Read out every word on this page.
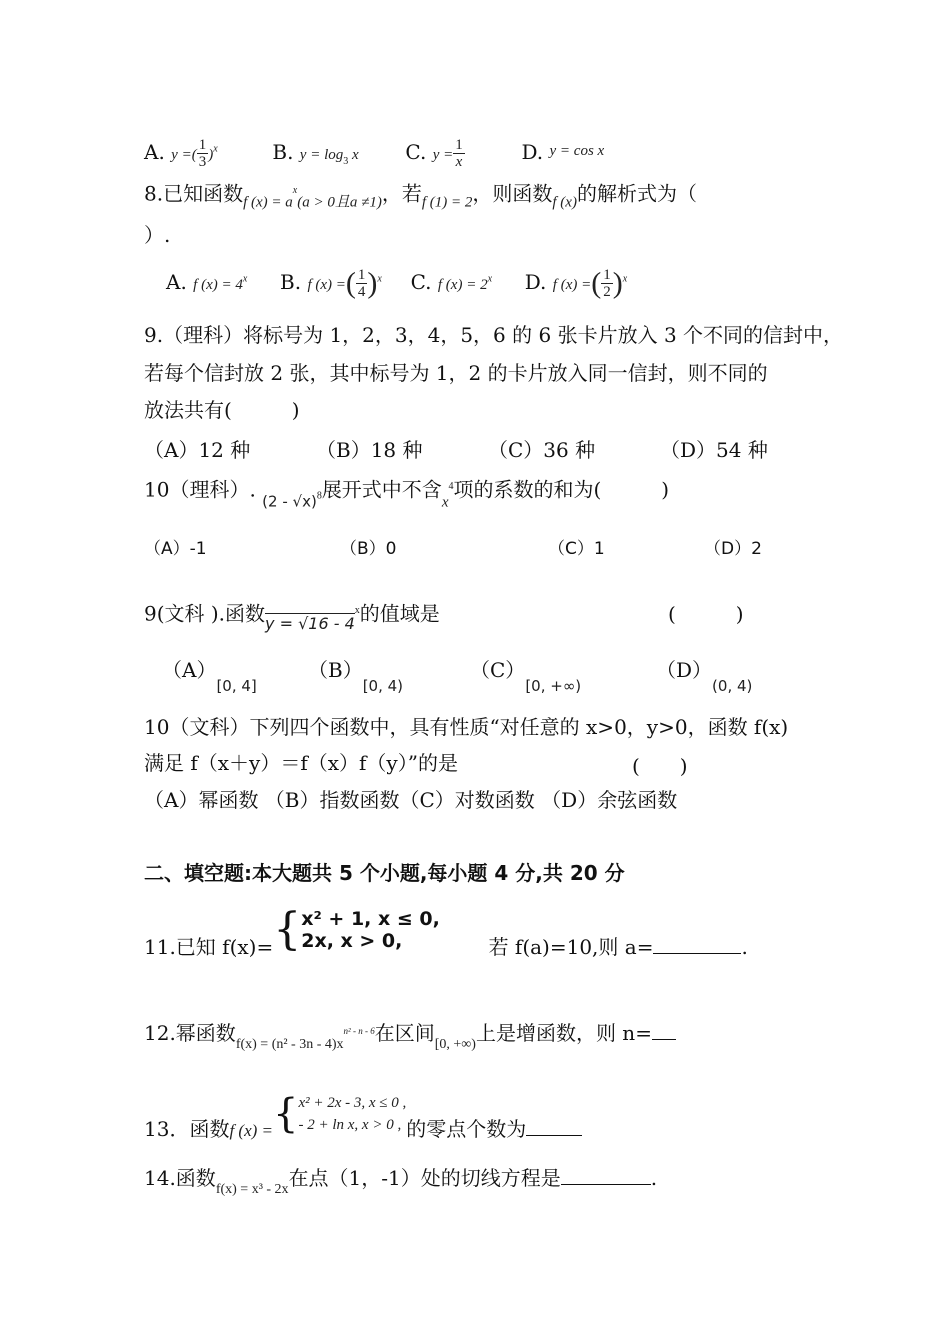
A. y =( $\frac{1}{3} )^x$	B. $y = \log_3 x$ C. $y = \frac{1}{x}$	D. $^{y = cos x}$
8.已知函数$_{f (x) = a}^x_{(a > 0且a \ne 1)}$，若$_{f (1) = 2}$，则函数$_{f (x)}$的解析式为（
）.
A. f $(x) = 4^x$ B. f (x) =( $\frac{1}{4} )^x$ C. f $(x) = 2^x$ D. f (x) =( $\frac{1}{2} )^x$
9.（理科）将标号为 1，2，3，4，5，6 的 6 张卡片放入 3 个不同的信封中，
若每个信封放 2 张，其中标号为 1，2 的卡片放入同一信封，则不同的
放法共有(　　　)
（A）12 种	（B）18 种	（C）36 种	（D）54 种
10（理科）. $_{(2 - √x)}$8展开式中不含$_x^4$项的系数的和为(　　　)
（A）-1	（B）0	（C）1	（D）2
9(文科 ).函数$_{y = √16 - 4}^x$的值域是	(　　　)
$(A)_{[0, 4]}$
$(B)_{[0, 4)}$
$(C)_{[0, +\infty)}$
$(D)_{(0, 4)}$
10（文科）下列四个函数中，具有性质“对任意的 x>0，y>0，函数 f(x)
满足 f（x＋y）＝f（x）f（y）”的是	(　　)
（A）幂函数 （B）指数函数（C）对数函数 （D）余弦函数
二、填空题:本大题共 5 个小题,每小题 4 分,共 20 分
11.已知 f(x)={ x² + 1, x ≤ 0,
2x, x > 0,	若 f(a)=10,则 a=	.
12.幂函数$_{f(x) = (n^2 - 3n - 4)x}^{n^2 - n - 6}$在区间$_{[0, +\infty)}$上是增函数，则 n=
13．函数$_{f (x) =}${ x² + 2x - 3, x ≤ 0 ,
- 2 + ln x, x > 0 , 的零点个数为
14.函数$_{f(x) = x^3 - 2x}$在点（1，-1）处的切线方程是	.
